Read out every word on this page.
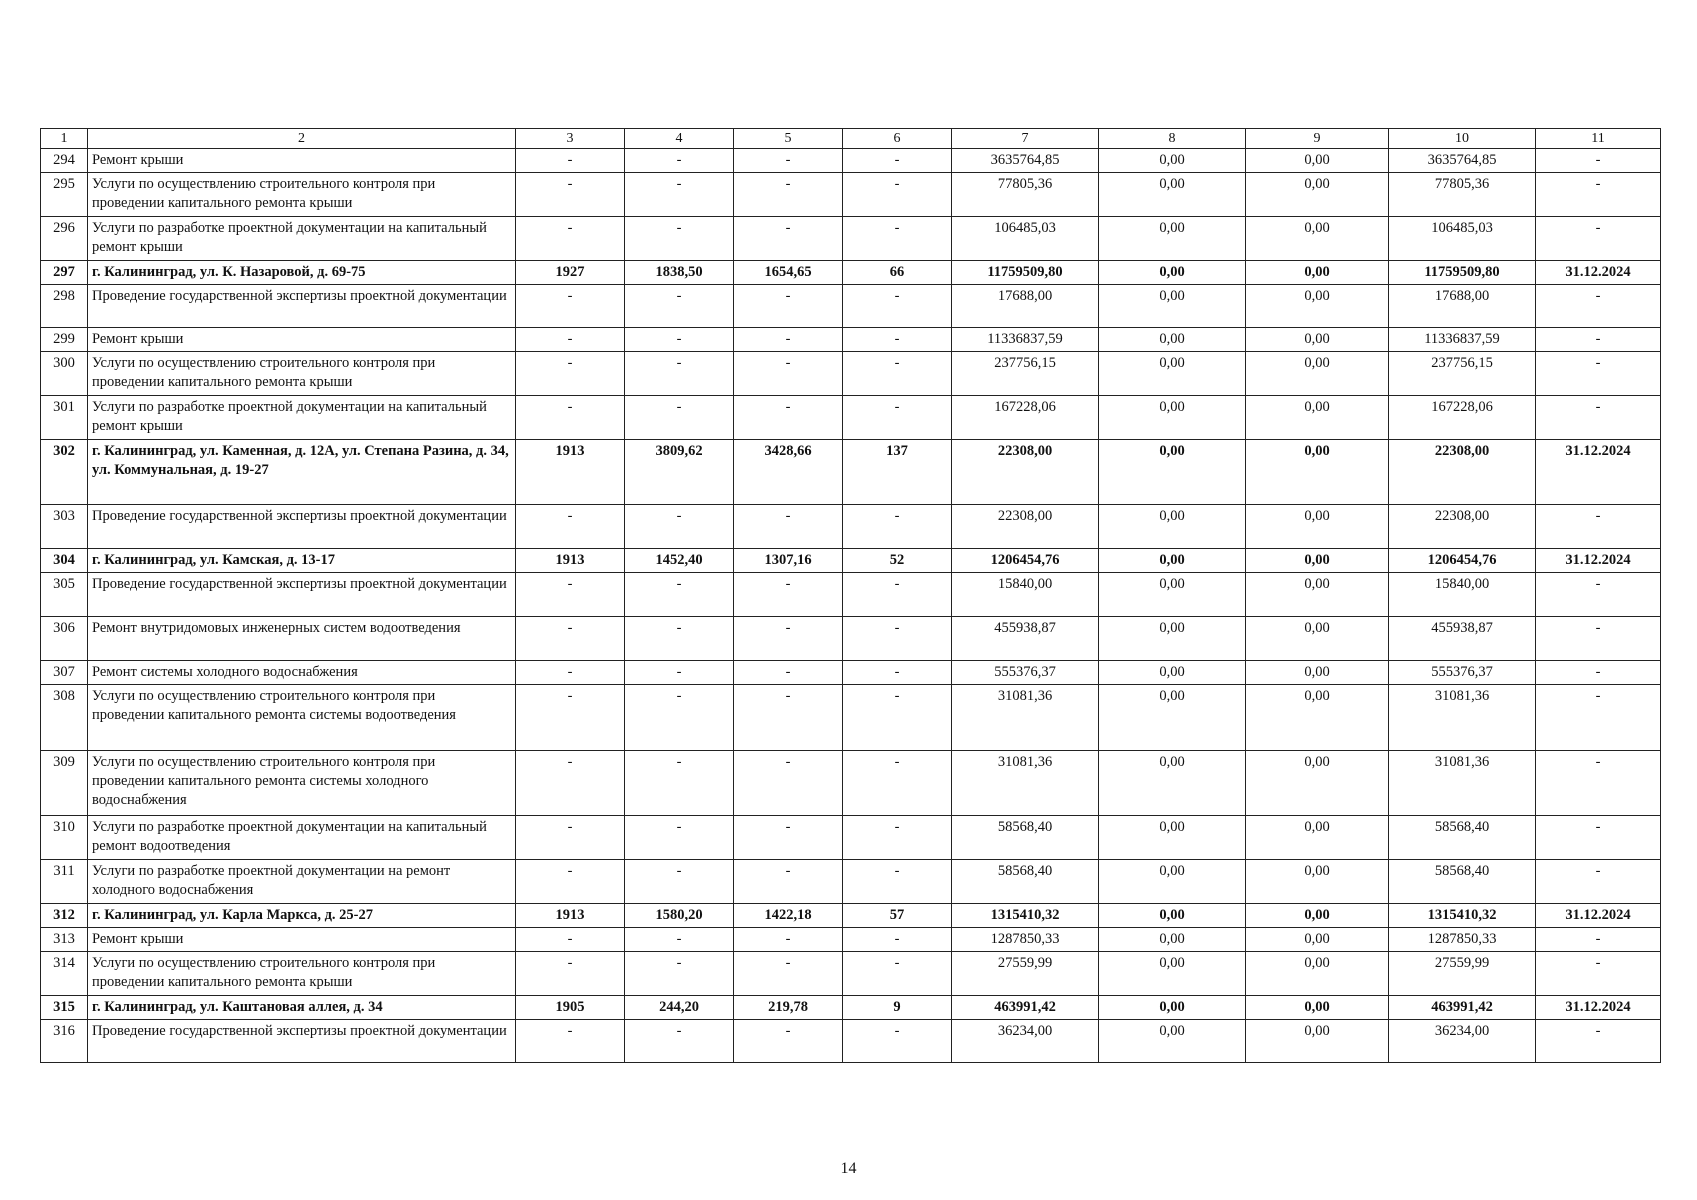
1	2	3	4	5	6	7	8	9	10	11
294	Ремонт крыши	-	-	-	-	3635764,85	0,00	0,00	3635764,85	-
295	Услуги по осуществлению строительного контроля при проведении капитального ремонта крыши	-	-	-	-	77805,36	0,00	0,00	77805,36	-
296	Услуги по разработке проектной документации на капитальный ремонт крыши	-	-	-	-	106485,03	0,00	0,00	106485,03	-
297	г. Калининград, ул. К. Назаровой, д. 69-75	1927	1838,50	1654,65	66	11759509,80	0,00	0,00	11759509,80	31.12.2024
298	Проведение государственной экспертизы проектной документации	-	-	-	-	17688,00	0,00	0,00	17688,00	-
299	Ремонт крыши	-	-	-	-	11336837,59	0,00	0,00	11336837,59	-
300	Услуги по осуществлению строительного контроля при проведении капитального ремонта крыши	-	-	-	-	237756,15	0,00	0,00	237756,15	-
301	Услуги по разработке проектной документации на капитальный ремонт крыши	-	-	-	-	167228,06	0,00	0,00	167228,06	-
302	г. Калининград, ул. Каменная, д. 12А, ул. Степана Разина, д. 34, ул. Коммунальная, д. 19-27	1913	3809,62	3428,66	137	22308,00	0,00	0,00	22308,00	31.12.2024
303	Проведение государственной экспертизы проектной документации	-	-	-	-	22308,00	0,00	0,00	22308,00	-
304	г. Калининград, ул. Камская, д. 13-17	1913	1452,40	1307,16	52	1206454,76	0,00	0,00	1206454,76	31.12.2024
305	Проведение государственной экспертизы проектной документации	-	-	-	-	15840,00	0,00	0,00	15840,00	-
306	Ремонт внутридомовых инженерных систем водоотведения	-	-	-	-	455938,87	0,00	0,00	455938,87	-
307	Ремонт системы холодного водоснабжения	-	-	-	-	555376,37	0,00	0,00	555376,37	-
308	Услуги по осуществлению строительного контроля при проведении капитального ремонта системы водоотведения	-	-	-	-	31081,36	0,00	0,00	31081,36	-
309	Услуги по осуществлению строительного контроля при проведении капитального ремонта системы холодного водоснабжения	-	-	-	-	31081,36	0,00	0,00	31081,36	-
310	Услуги по разработке проектной документации на капитальный ремонт водоотведения	-	-	-	-	58568,40	0,00	0,00	58568,40	-
311	Услуги по разработке проектной документации на ремонт холодного водоснабжения	-	-	-	-	58568,40	0,00	0,00	58568,40	-
312	г. Калининград, ул. Карла Маркса, д. 25-27	1913	1580,20	1422,18	57	1315410,32	0,00	0,00	1315410,32	31.12.2024
313	Ремонт крыши	-	-	-	-	1287850,33	0,00	0,00	1287850,33	-
314	Услуги по осуществлению строительного контроля при проведении капитального ремонта крыши	-	-	-	-	27559,99	0,00	0,00	27559,99	-
315	г. Калининград, ул. Каштановая аллея, д. 34	1905	244,20	219,78	9	463991,42	0,00	0,00	463991,42	31.12.2024
316	Проведение государственной экспертизы проектной документации	-	-	-	-	36234,00	0,00	0,00	36234,00	-
14
